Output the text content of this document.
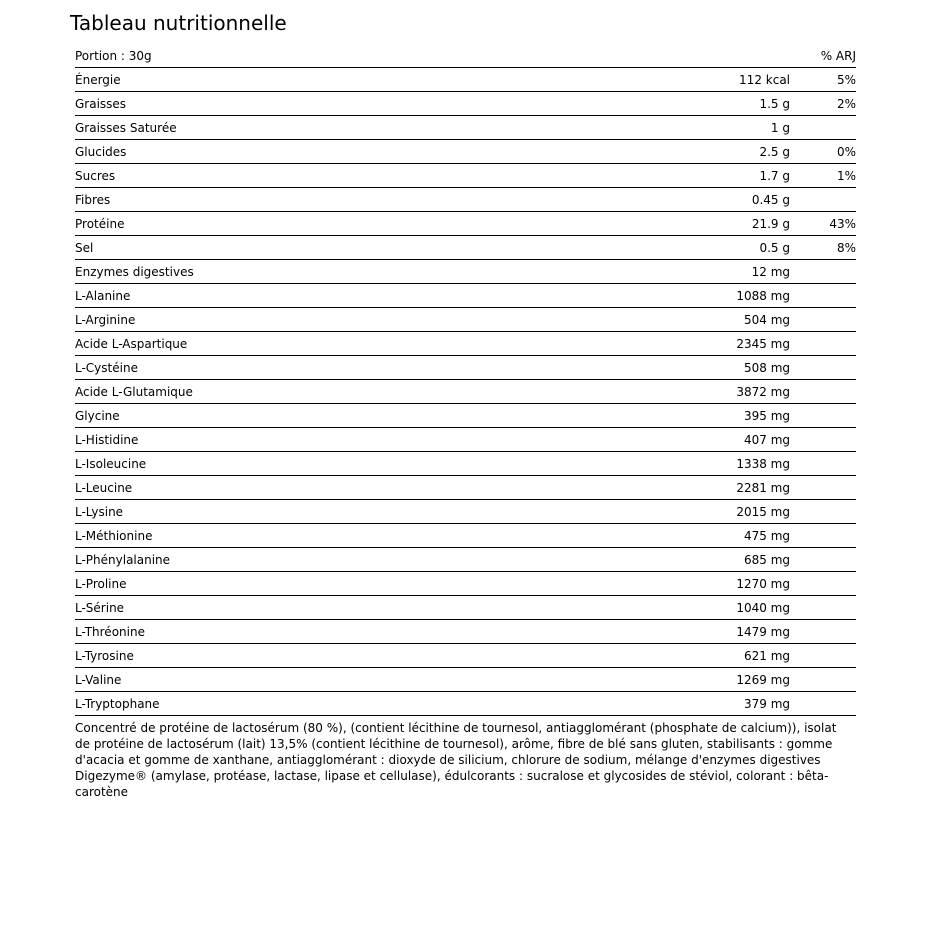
Tableau nutritionnelle
Portion : 30g		% ARJ
Énergie	112 kcal	5%
Graisses	1.5 g	2%
Graisses Saturée	1 g	
Glucides	2.5 g	0%
Sucres	1.7 g	1%
Fibres	0.45 g	
Protéine	21.9 g	43%
Sel	0.5 g	8%
Enzymes digestives	12 mg	
L-Alanine	1088 mg	
L-Arginine	504 mg	
Acide L-Aspartique	2345 mg	
L-Cystéine	508 mg	
Acide L-Glutamique	3872 mg	
Glycine	395 mg	
L-Histidine	407 mg	
L-Isoleucine	1338 mg	
L-Leucine	2281 mg	
L-Lysine	2015 mg	
L-Méthionine	475 mg	
L-Phénylalanine	685 mg	
L-Proline	1270 mg	
L-Sérine	1040 mg	
L-Thréonine	1479 mg	
L-Tyrosine	621 mg	
L-Valine	1269 mg	
L-Tryptophane	379 mg	

Concentré de protéine de lactosérum (80 %), (contient lécithine de tournesol, antiagglomérant (phosphate de calcium)), isolat de protéine de lactosérum (lait) 13,5% (contient lécithine de tournesol), arôme, fibre de blé sans gluten, stabilisants : gomme d'acacia et gomme de xanthane, antiagglomérant : dioxyde de silicium, chlorure de sodium, mélange d'enzymes digestives Digezyme® (amylase, protéase, lactase, lipase et cellulase), édulcorants : sucralose et glycosides de stéviol, colorant : bêta-carotène
